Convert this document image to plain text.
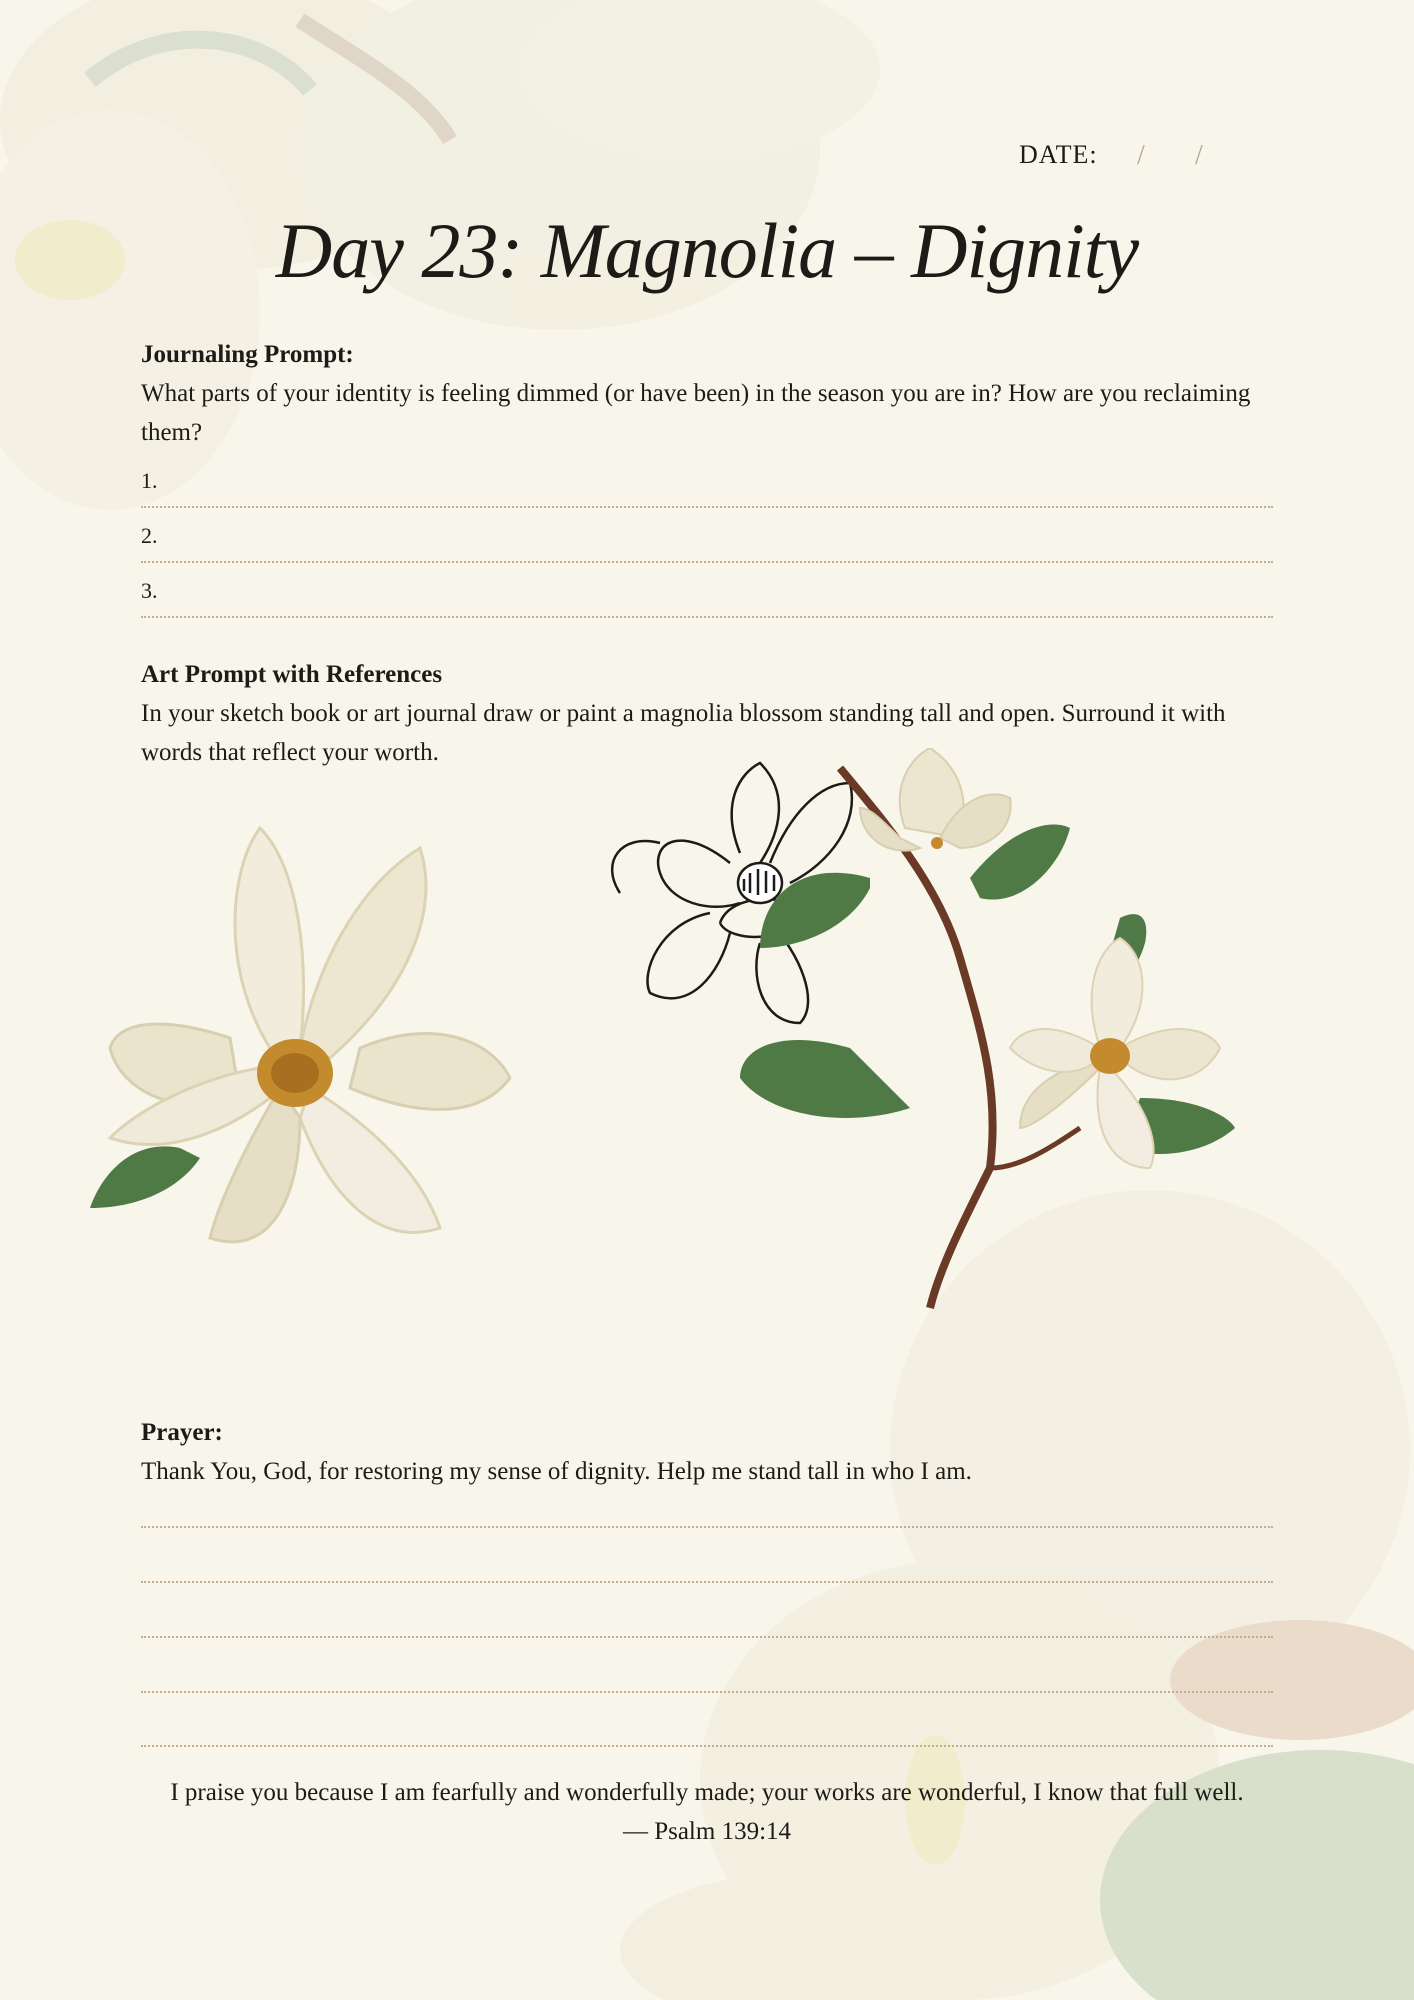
DATE: / /
Day 23: Magnolia – Dignity
Journaling Prompt:

What parts of your identity is feeling dimmed (or have been) in the season you are in? How are you reclaiming them?

1.
2.
3.
Art Prompt with References

In your sketch book or art journal draw or paint a magnolia blossom standing tall and open. Surround it with words that reflect your worth.

Prayer:

Thank You, God, for restoring my sense of dignity. Help me stand tall in who I am.

I praise you because I am fearfully and wonderfully made; your works are wonderful, I know that full well.

— Psalm 139:14
